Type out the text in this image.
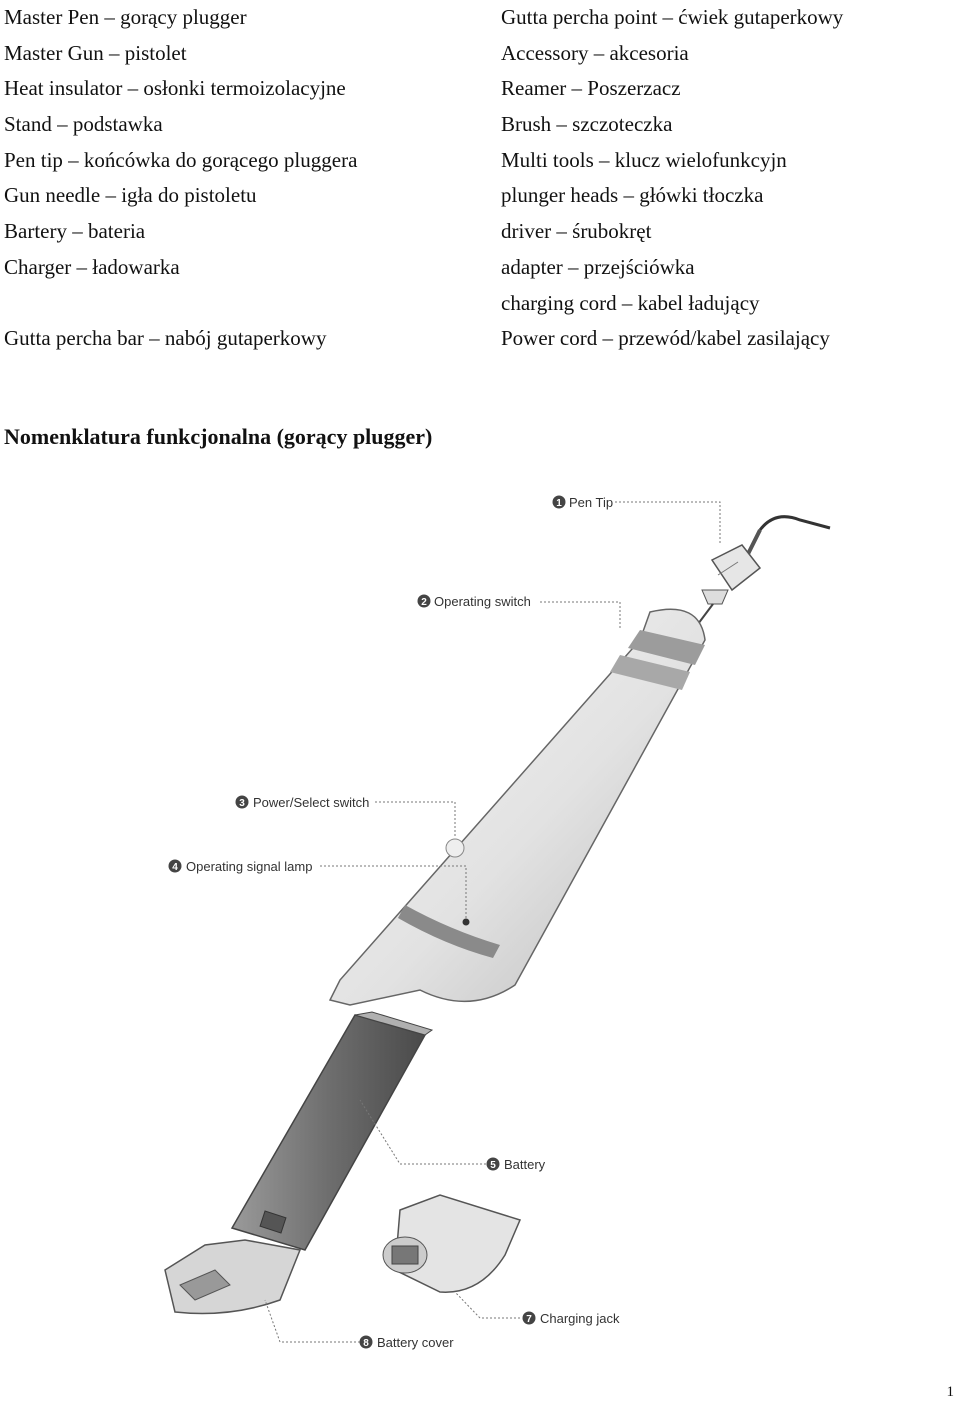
Master Pen – gorący plugger
Master Gun – pistolet
Heat insulator – osłonki termoizolacyjne
Stand – podstawka
Pen tip – końcówka do gorącego pluggera
Gun needle – igła do pistoletu
Bartery – bateria
Charger – ładowarka
Gutta percha bar – nabój gutaperkowy
Gutta percha point – ćwiek gutaperkowy
Accessory – akcesoria
Reamer – Poszerzacz
Brush – szczoteczka
Multi tools – klucz wielofunkcyjn
plunger heads – główki tłoczka
driver – śrubokręt
adapter – przejściówka
charging cord – kabel ładujący
Power cord – przewód/kabel zasilający
Nomenklatura funkcjonalna (gorący plugger)
1 Pen Tip
2 Operating switch
3 Power/Select switch
4 Operating signal lamp
5 Battery
7 Charging jack
8 Battery cover
1
